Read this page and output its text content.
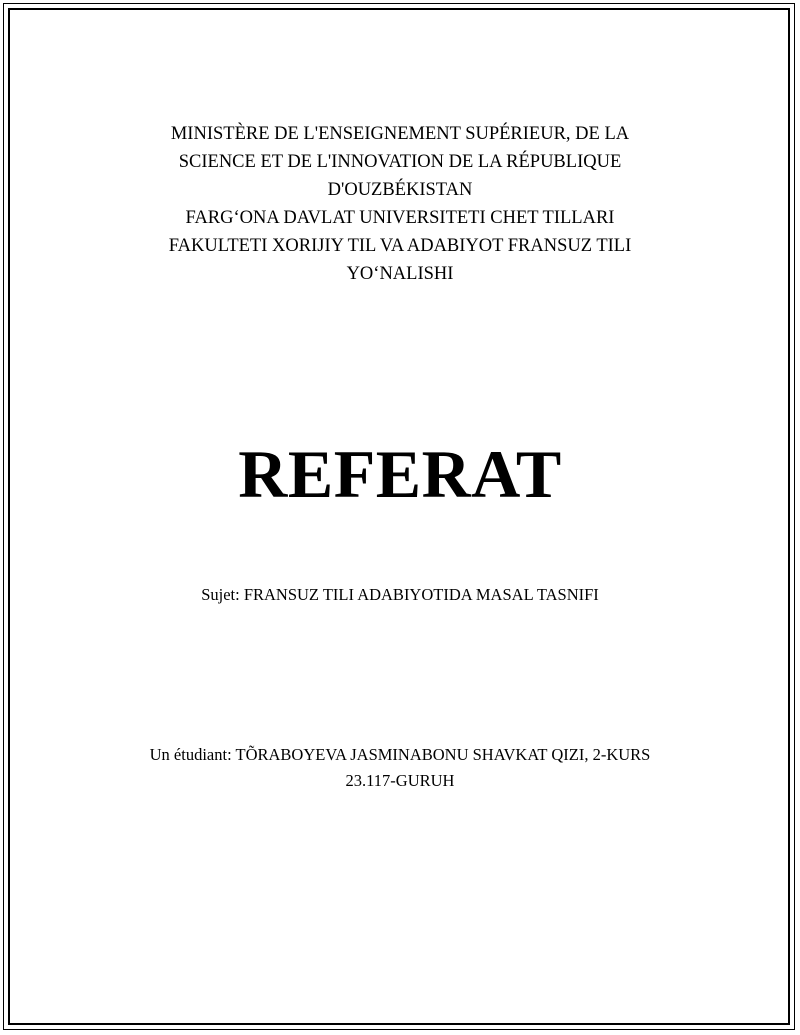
MINISTÈRE DE L'ENSEIGNEMENT SUPÉRIEUR, DE LA
SCIENCE ET DE L'INNOVATION DE LA RÉPUBLIQUE
D'OUZBÉKISTAN
FARG‘ONA DAVLAT UNIVERSITETI CHET TILLARI
FAKULTETI XORIJIY TIL VA ADABIYOT FRANSUZ TILI
YO‘NALISHI
REFERAT
Sujet: FRANSUZ TILI ADABIYOTIDA MASAL TASNIFI
Un étudiant: TÕRABOYEVA JASMINABONU SHAVKAT QIZI, 2-KURS
23.117-GURUH
